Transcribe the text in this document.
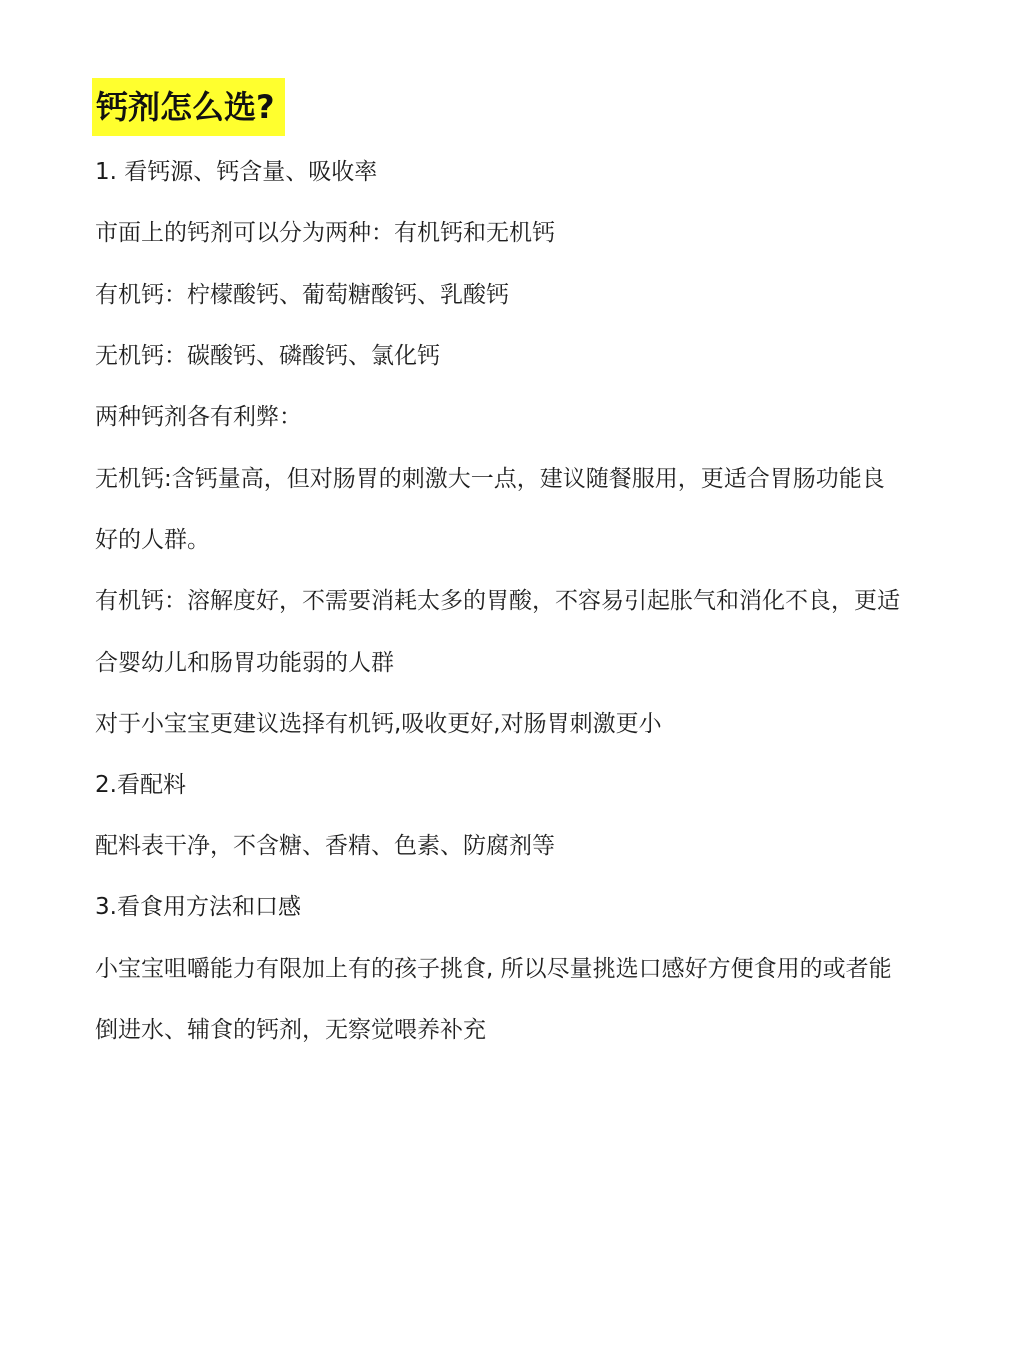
钙剂怎么选?
1. 看钙源、钙含量、吸收率
市面上的钙剂可以分为两种：有机钙和无机钙
有机钙：柠檬酸钙、葡萄糖酸钙、乳酸钙
无机钙：碳酸钙、磷酸钙、氯化钙
两种钙剂各有利弊：
无机钙:含钙量高，但对肠胃的刺激大一点，建议随餐服用，更适合胃肠功能良
好的人群。
有机钙：溶解度好，不需要消耗太多的胃酸，不容易引起胀气和消化不良，更适
合婴幼儿和肠胃功能弱的人群
对于小宝宝更建议选择有机钙,吸收更好,对肠胃刺激更小
2.看配料
配料表干净，不含糖、香精、色素、防腐剂等
3.看食用方法和口感
小宝宝咀嚼能力有限加上有的孩子挑食, 所以尽量挑选口感好方便食用的或者能
倒进水、辅食的钙剂，无察觉喂养补充
